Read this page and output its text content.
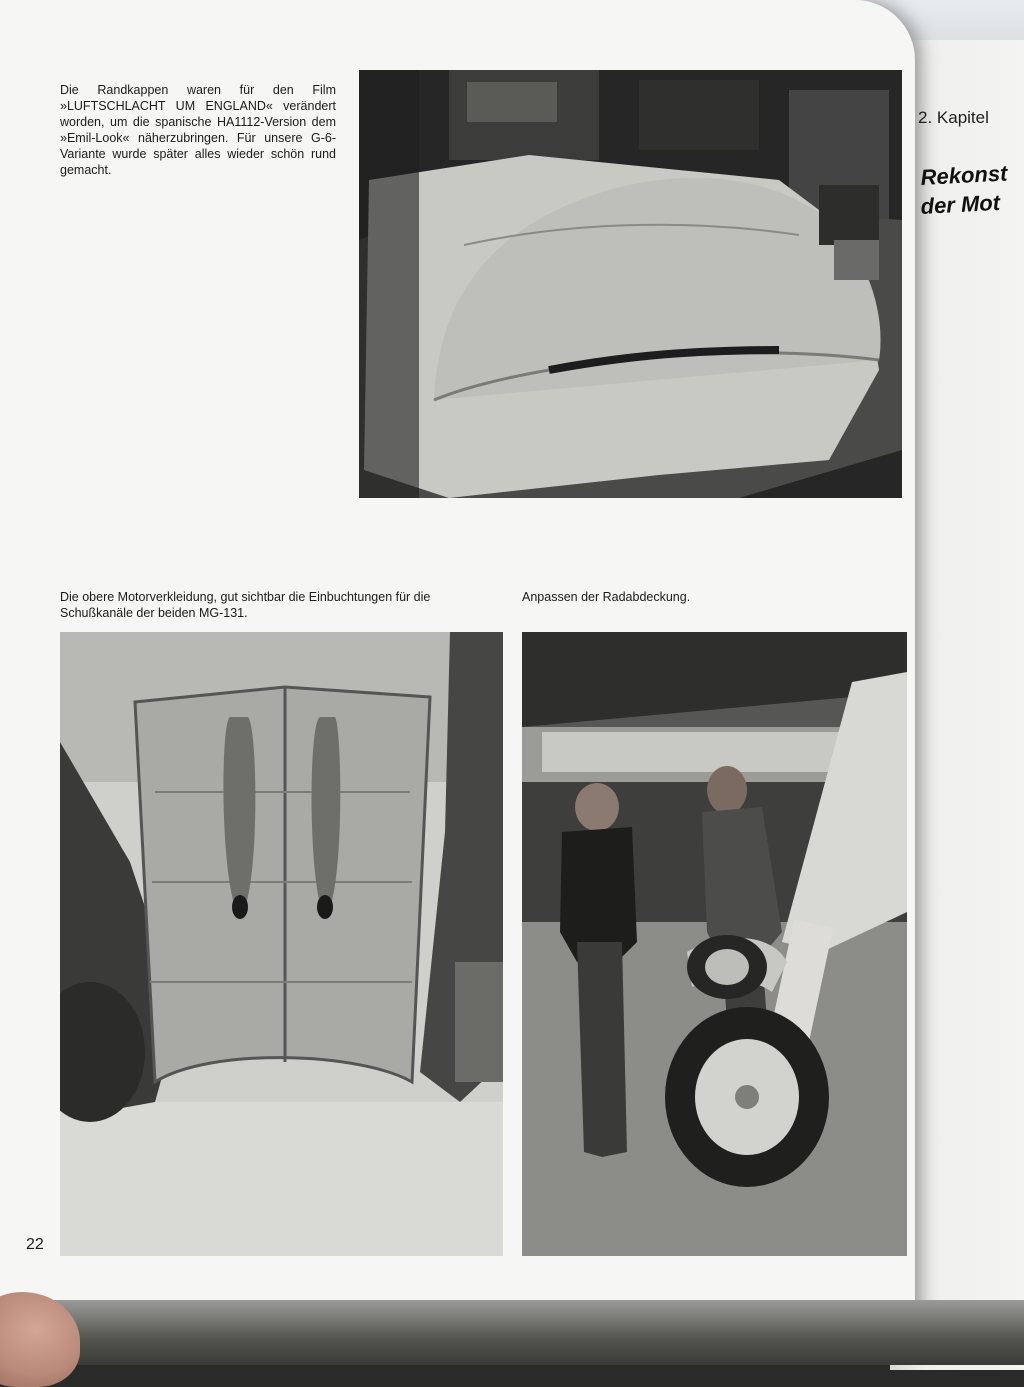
2. Kapitel
Rekonst
der Mot
Die Randkappen waren für den Film »LUFTSCHLACHT UM ENGLAND« verändert worden, um die spanische HA1112-Version dem »Emil-Look« näherzubringen. Für unsere G-6-Variante wurde später alles wieder schön rund gemacht.
Die obere Motorverkleidung, gut sichtbar die Einbuchtungen für die Schußkanäle der beiden MG-131.
Anpassen der Radabdeckung.
22
